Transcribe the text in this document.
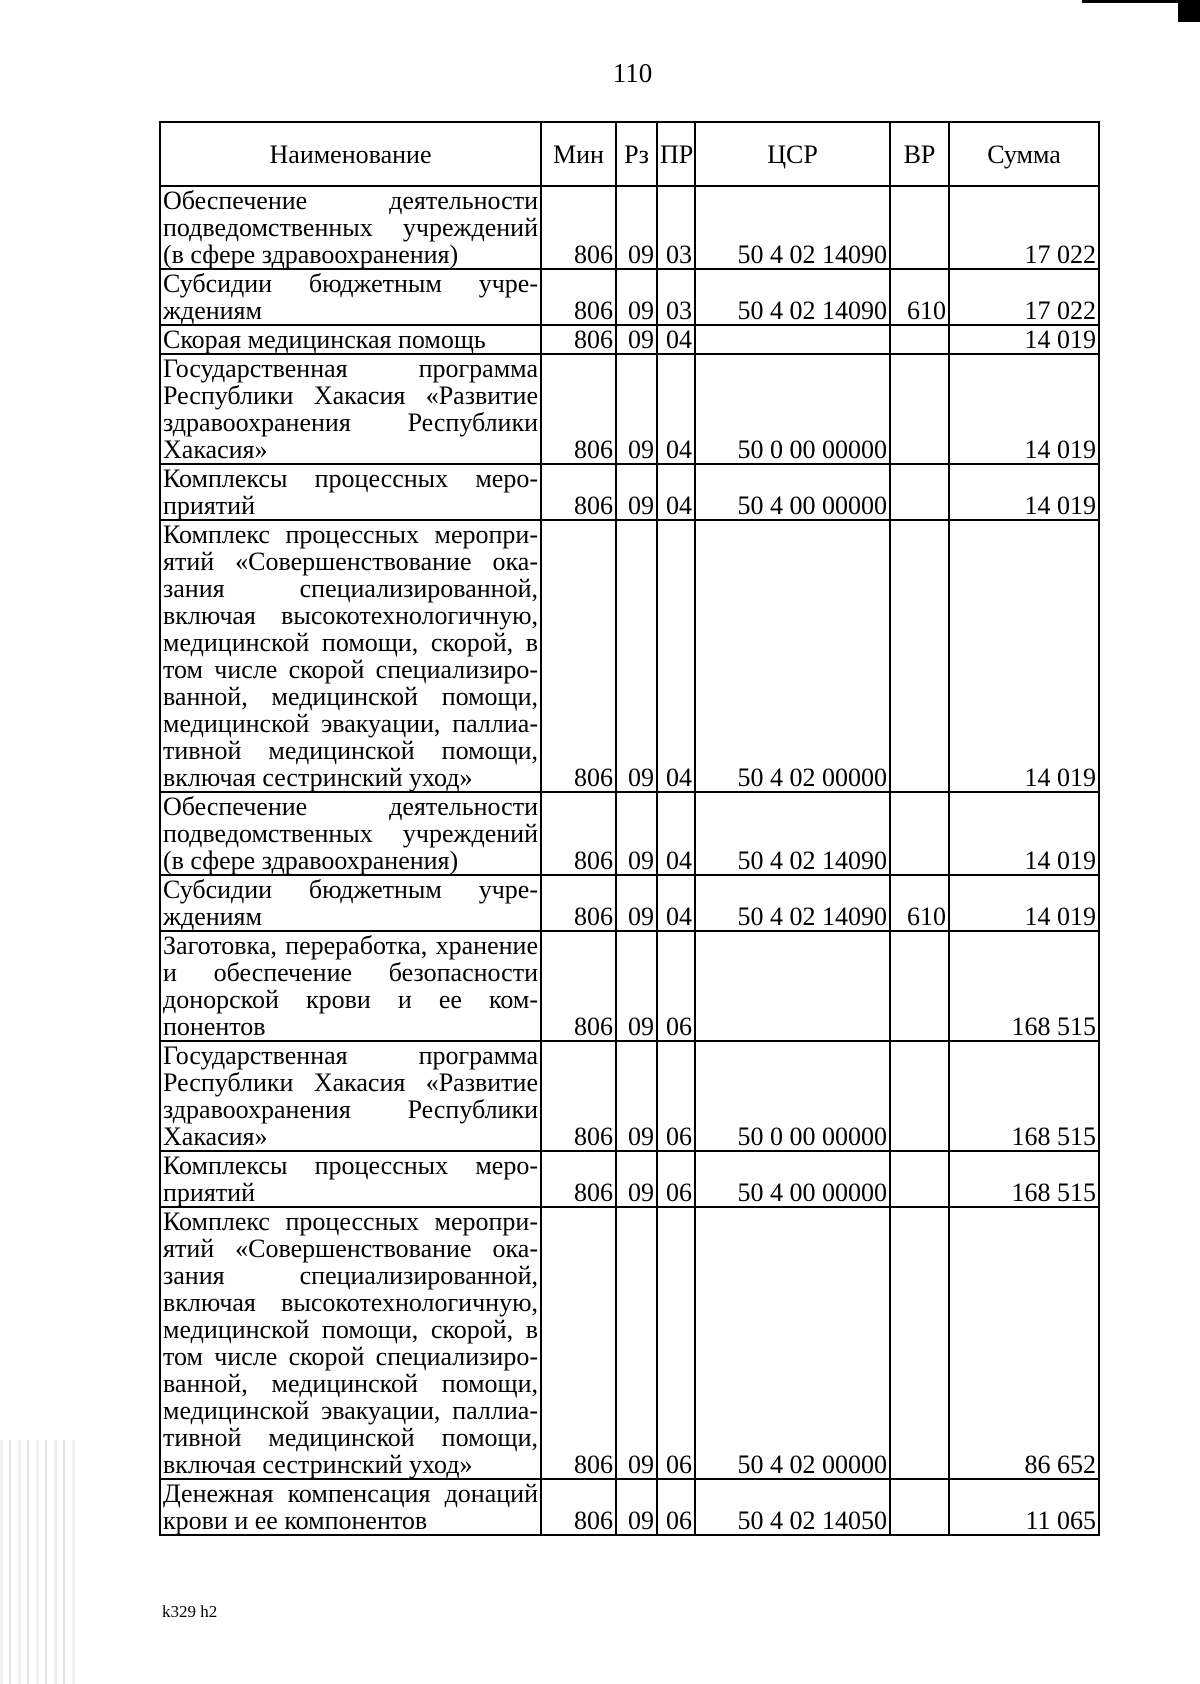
110
Наименование	Мин	Рз	ПР	ЦСР	ВР	Сумма
Обеспечение деятельности подведомственных учреждений (в сфере здравоохранения)	806	09	03	50 4 02 14090		17 022
Субсидии бюджетным учреждениям	806	09	03	50 4 02 14090	610	17 022
Скорая медицинская помощь	806	09	04			14 019
Государственная программа Республики Хакасия «Развитие здравоохранения Республики Хакасия»	806	09	04	50 0 00 00000		14 019
Комплексы процессных мероприятий	806	09	04	50 4 00 00000		14 019
Комплекс процессных мероприятий «Совершенствование оказания специализированной, включая высокотехнологичную, медицинской помощи, скорой, в том числе скорой специализированной, медицинской помощи, медицинской эвакуации, паллиативной медицинской помощи, включая сестринский уход»	806	09	04	50 4 02 00000		14 019
Обеспечение деятельности подведомственных учреждений (в сфере здравоохранения)	806	09	04	50 4 02 14090		14 019
Субсидии бюджетным учреждениям	806	09	04	50 4 02 14090	610	14 019
Заготовка, переработка, хранение и обеспечение безопасности донорской крови и ее компонентов	806	09	06			168 515
Государственная программа Республики Хакасия «Развитие здравоохранения Республики Хакасия»	806	09	06	50 0 00 00000		168 515
Комплексы процессных мероприятий	806	09	06	50 4 00 00000		168 515
Комплекс процессных мероприятий «Совершенствование оказания специализированной, включая высокотехнологичную, медицинской помощи, скорой, в том числе скорой специализированной, медицинской помощи, медицинской эвакуации, паллиативной медицинской помощи, включая сестринский уход»	806	09	06	50 4 02 00000		86 652
Денежная компенсация донаций крови и ее компонентов	806	09	06	50 4 02 14050		11 065
k329 h2
